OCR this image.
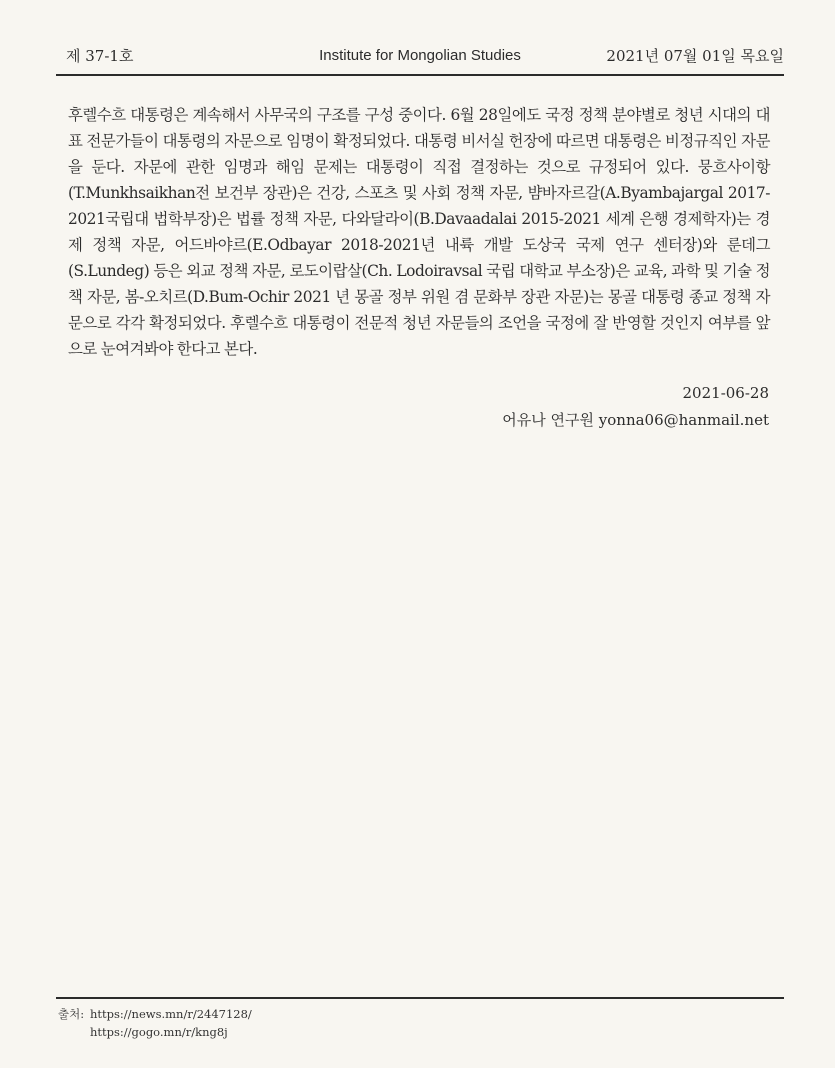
제 37-1호	Institute for Mongolian Studies	2021년 07월 01일 목요일
후렐수흐 대통령은 계속해서 사무국의 구조를 구성 중이다. 6월 28일에도 국정 정책 분야별로 청년 시대의 대표 전문가들이 대통령의 자문으로 임명이 확정되었다. 대통령 비서실 헌장에 따르면 대통령은 비정규직인 자문을 둔다. 자문에 관한 임명과 해임 문제는 대통령이 직접 결정하는 것으로 규정되어 있다. 뭉흐사이항(T.Munkhsaikhan전 보건부 장관)은 건강, 스포츠 및 사회 정책 자문, 뱜바자르갈(A.Byambajargal 2017-2021국립대 법학부장)은 법률 정책 자문, 다와달라이(B.Davaadalai 2015-2021 세계 은행 경제학자)는 경제 정책 자문, 어드바야르(E.Odbayar 2018-2021년 내륙 개발 도상국 국제 연구 센터장)와 룬데그(S.Lundeg) 등은 외교 정책 자문, 로도이랍살(Ch. Lodoiravsal 국립 대학교 부소장)은 교육, 과학 및 기술 정책 자문, 봄-오치르(D.Bum-Ochir 2021 년 몽골 정부 위원 겸 문화부 장관 자문)는 몽골 대통령 종교 정책 자문으로 각각 확정되었다. 후렐수흐 대통령이 전문적 청년 자문들의 조언을 국정에 잘 반영할 것인지 여부를 앞으로 눈여겨봐야 한다고 본다.
2021-06-28
어유나 연구원 yonna06@hanmail.net
출처: https://news.mn/r/2447128/
https://gogo.mn/r/kng8j
